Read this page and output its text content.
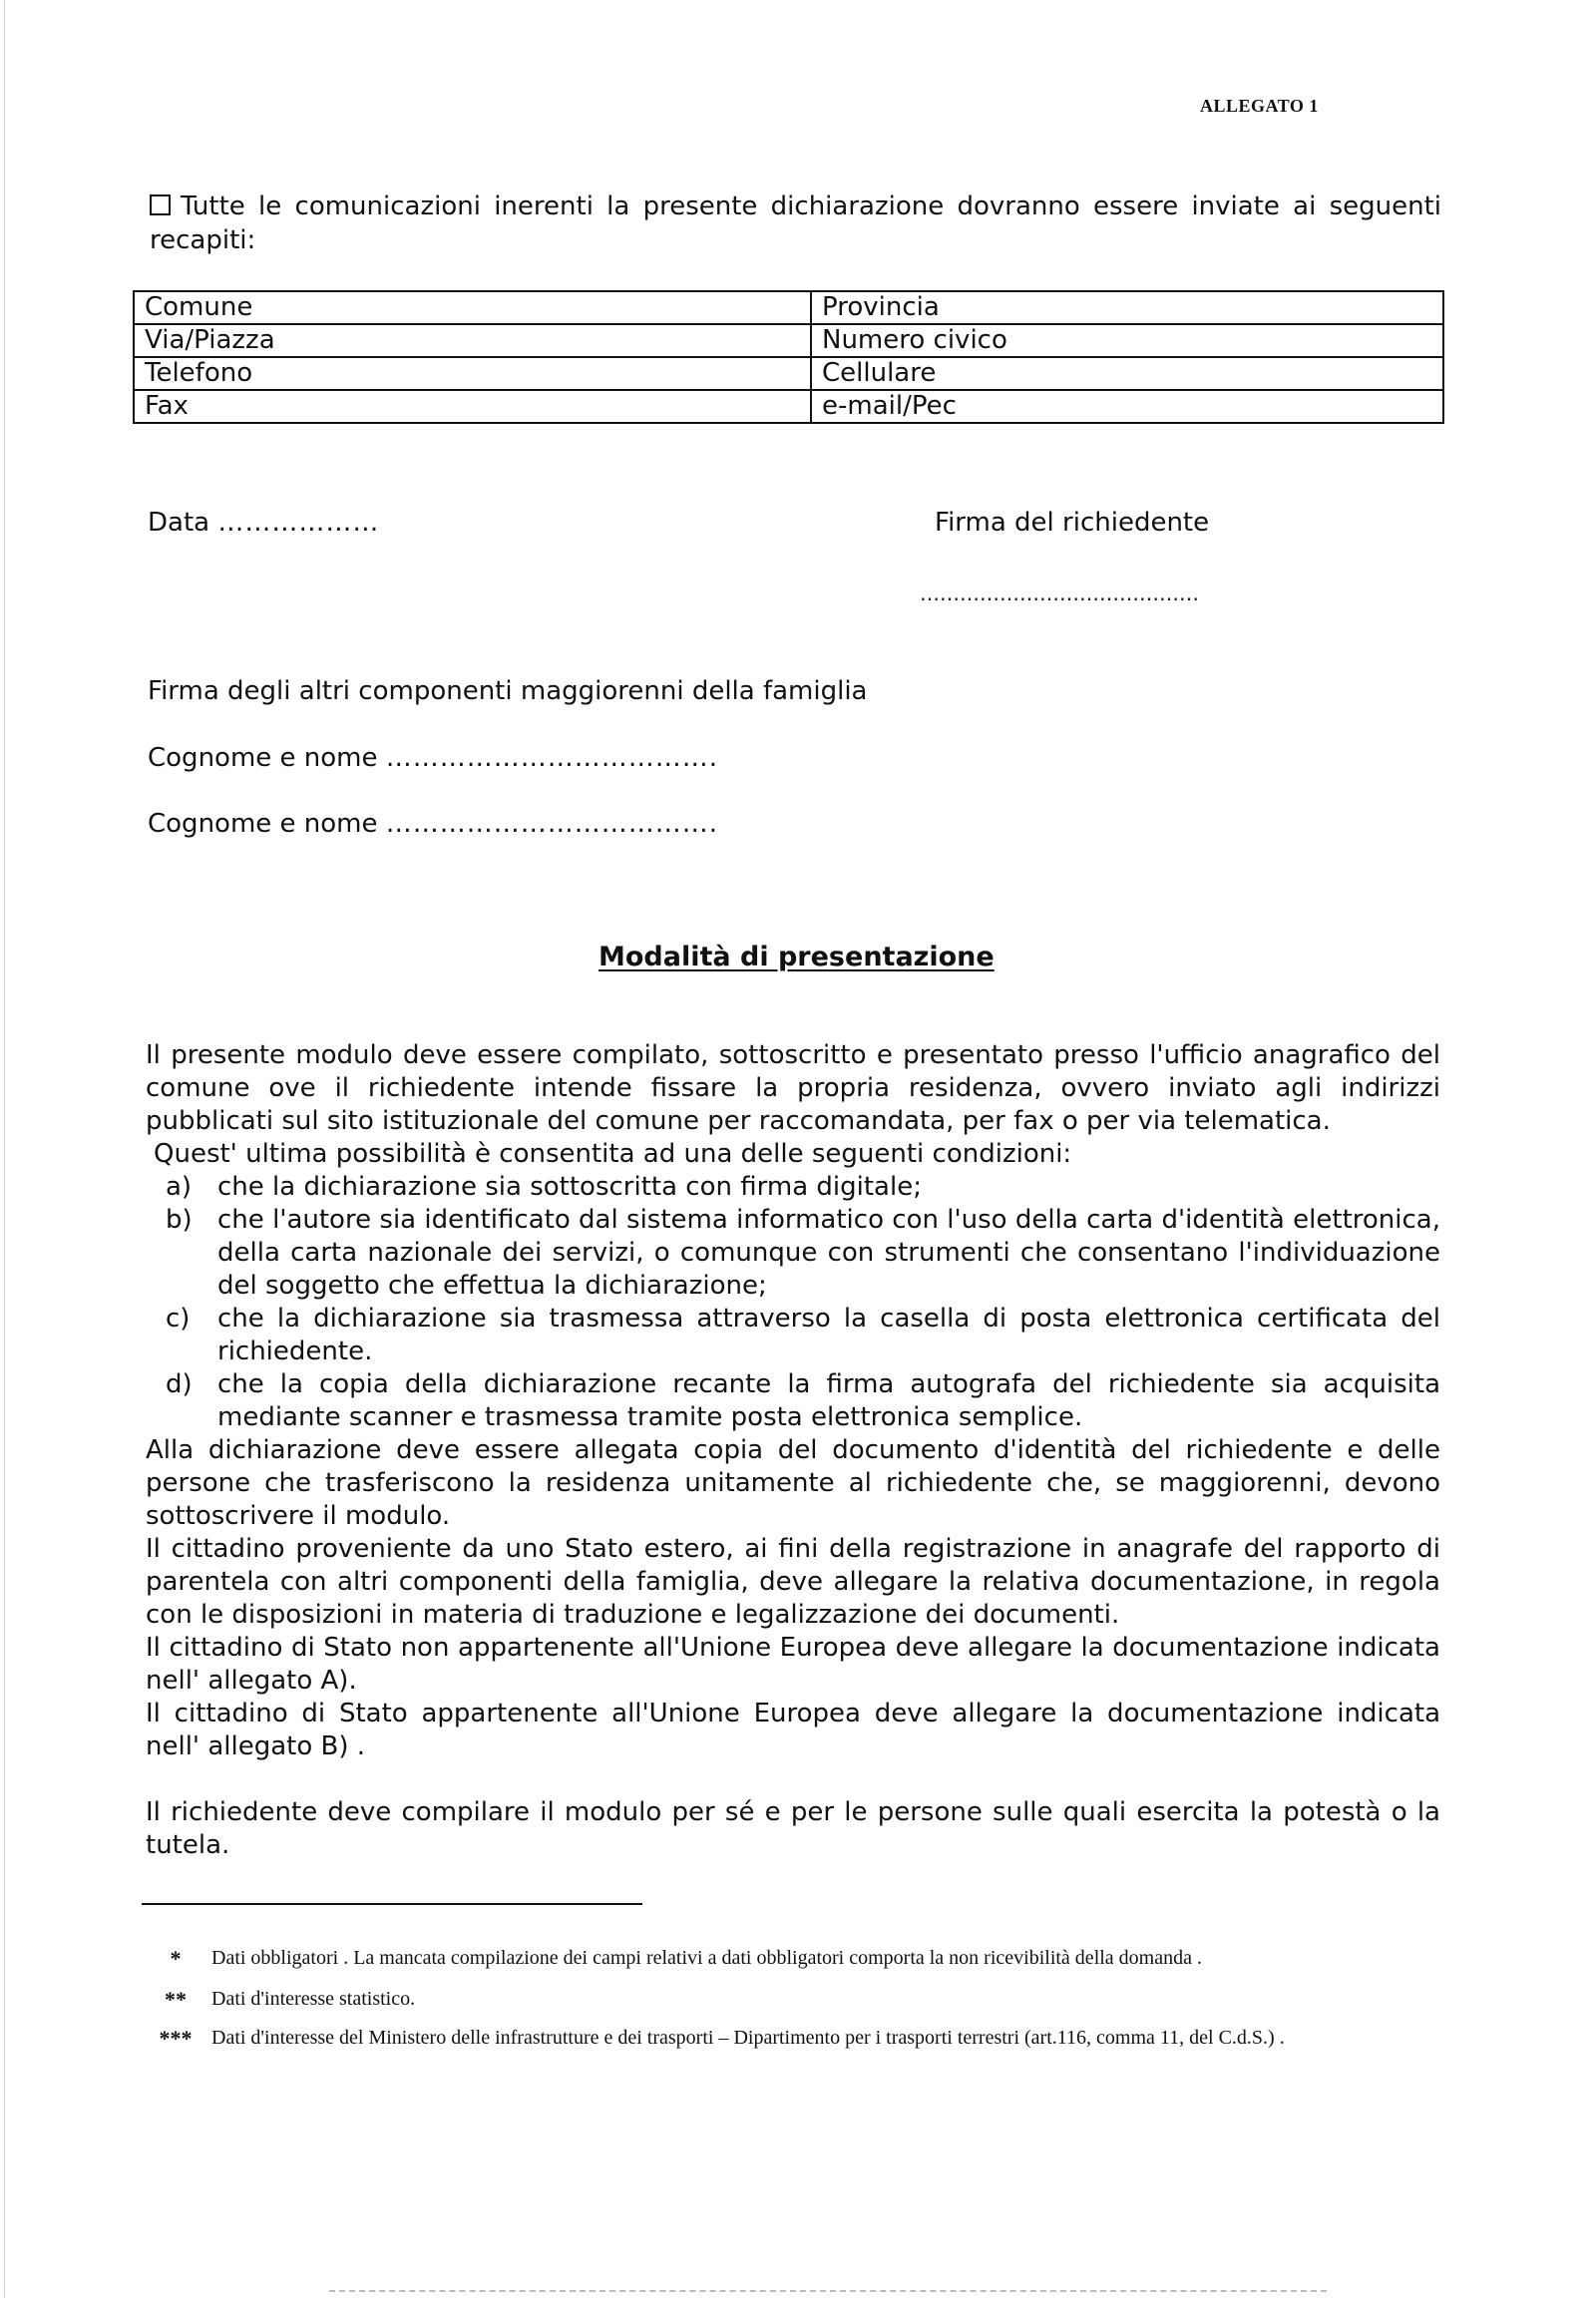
ALLEGATO 1
Tutte le comunicazioni inerenti la presente dichiarazione dovranno essere inviate ai seguenti recapiti:
Comune	Provincia
Via/Piazza	Numero civico
Telefono	Cellulare
Fax	e-mail/Pec
Data ………………	Firma del richiedente
……………………………………
Firma degli altri componenti maggiorenni della famiglia
Cognome e nome ……………………………….
Cognome e nome ……………………………….
Modalità di presentazione

Il presente modulo deve essere compilato, sottoscritto e presentato presso l'ufficio anagrafico del comune ove il richiedente intende fissare la propria residenza, ovvero inviato agli indirizzi pubblicati sul sito istituzionale del comune per raccomandata, per fax o per via telematica.

Quest' ultima possibilità è consentita ad una delle seguenti condizioni:

a) che la dichiarazione sia sottoscritta con firma digitale;
b) che l'autore sia identificato dal sistema informatico con l'uso della carta d'identità elettronica, della carta nazionale dei servizi, o comunque con strumenti che consentano l'individuazione del soggetto che effettua la dichiarazione;
c)	che la dichiarazione sia trasmessa attraverso la casella di posta elettronica certificata del richiedente.
d) che la copia della dichiarazione recante la firma autografa del richiedente sia acquisita mediante scanner e trasmessa tramite posta elettronica semplice.

Alla dichiarazione deve essere allegata copia del documento d'identità del richiedente e delle persone che trasferiscono la residenza unitamente al richiedente che, se maggiorenni, devono sottoscrivere il modulo.

Il cittadino proveniente da uno Stato estero, ai fini della registrazione in anagrafe del rapporto di parentela con altri componenti della famiglia, deve allegare la relativa documentazione, in regola con le disposizioni in materia di traduzione e legalizzazione dei documenti.

Il cittadino di Stato non appartenente all'Unione Europea deve allegare la documentazione indicata nell' allegato A).

Il cittadino di Stato appartenente all'Unione Europea deve allegare la documentazione indicata nell' allegato B) .

Il richiedente deve compilare il modulo per sé e per le persone sulle quali esercita la potestà o la tutela.

*	Dati obbligatori . La mancata compilazione dei campi relativi a dati obbligatori comporta la non ricevibilità della domanda .
**	Dati d'interesse statistico.
*** Dati d'interesse del Ministero delle infrastrutture e dei trasporti – Dipartimento per i trasporti terrestri (art.116, comma 11, del C.d.S.) .
